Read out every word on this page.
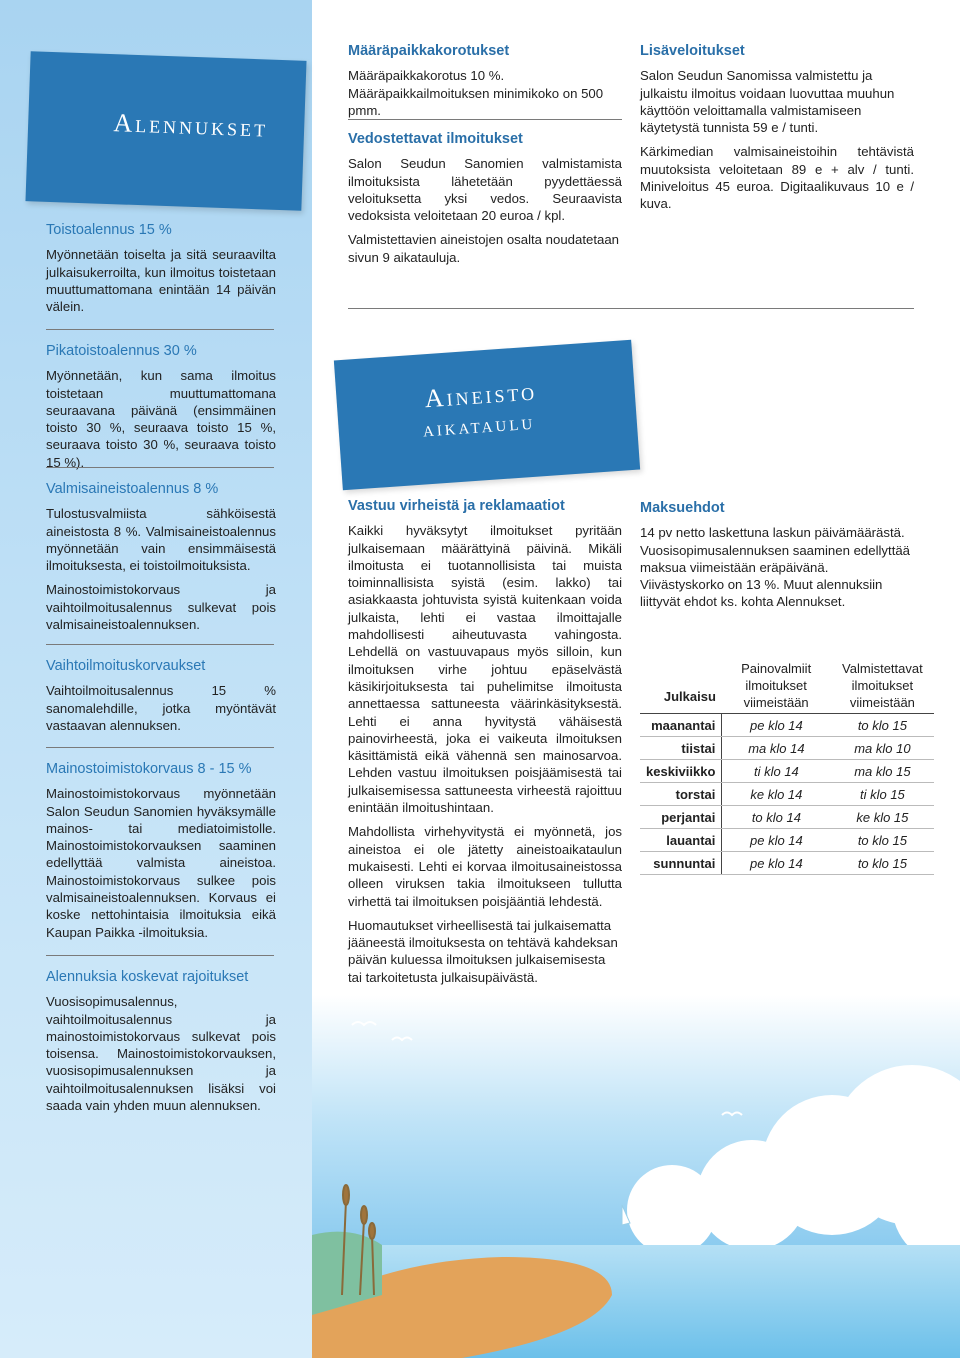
Alennukset
Toistoalennus 15 %

Myönnetään toiselta ja sitä seuraavilta julkaisukerroilta, kun ilmoitus toistetaan muuttumattomana enintään 14 päivän välein.

Pikatoistoalennus 30 %

Myönnetään, kun sama ilmoitus toistetaan muuttumattomana seuraavana päivänä (ensimmäinen toisto 30 %, seuraava toisto 15 %, seuraava toisto 30 %, seuraava toisto 15 %).

Valmisaineistoalennus 8 %

Tulostusvalmiista sähköisestä aineistosta 8 %. Valmisaineistoalennus myönnetään vain ensimmäisestä ilmoituksesta, ei toistoilmoituksista.

Mainostoimistokorvaus ja vaihtoilmoitusalennus sulkevat pois valmisaineistoalennuksen.

Vaihtoilmoituskorvaukset

Vaihtoilmoitusalennus 15 % sanomalehdille, jotka myöntävät vastaavan alennuksen.

Mainostoimistokorvaus 8 - 15 %

Mainostoimistokorvaus myönnetään Salon Seudun Sanomien hyväksymälle mainos- tai mediatoimistolle. Mainostoimistokorvauksen saaminen edellyttää valmista aineistoa. Mainostoimistokorvaus sulkee pois valmisaineistoalennuksen. Korvaus ei koske nettohintaisia ilmoituksia eikä Kaupan Paikka -ilmoituksia.

Alennuksia koskevat rajoitukset

Vuosisopimusalennus, vaihtoilmoitusalennus ja mainostoimistokorvaus sulkevat pois toisensa. Mainostoimistokorvauksen, vuosisopimusalennuksen ja vaihtoilmoitusalennuksen lisäksi voi saada vain yhden muun alennuksen.

Määräpaikkakorotukset

Määräpaikkakorotus 10 %. Määräpaikkailmoituksen minimikoko on 500 pmm.

Vedostettavat ilmoitukset

Salon Seudun Sanomien valmistamista ilmoituksista lähetetään pyydettäessä veloituksetta yksi vedos. Seuraavista vedoksista veloitetaan 20 euroa / kpl.

Valmistettavien aineistojen osalta noudatetaan sivun 9 aikatauluja.

Lisäveloitukset

Salon Seudun Sanomissa valmistettu ja julkaistu ilmoitus voidaan luovuttaa muuhun käyttöön veloittamalla valmistamiseen käytetystä tunnista 59 e / tunti.

Kärkimedian valmisaineistoihin tehtävistä muutoksista veloitetaan 89 e + alv / tunti. Miniveloitus 45 euroa. Digitaalikuvaus 10 e / kuva.

Aineisto
aikataulu
Vastuu virheistä ja reklamaatiot

Kaikki hyväksytyt ilmoitukset pyritään julkaisemaan määrättyinä päivinä. Mikäli ilmoitusta ei tuotannollisista tai muista toiminnallisista syistä (esim. lakko) tai asiakkaasta johtuvista syistä kuitenkaan voida julkaista, lehti ei vastaa ilmoittajalle mahdollisesti aiheutuvasta vahingosta. Lehdellä on vastuuvapaus myös silloin, kun ilmoituksen virhe johtuu epäselvästä käsikirjoituksesta tai puhelimitse ilmoitusta annettaessa sattuneesta väärinkäsityksestä. Lehti ei anna hyvitystä vähäisestä painovirheestä, joka ei vaikeuta ilmoituksen käsittämistä eikä vähennä sen mainosarvoa. Lehden vastuu ilmoituksen poisjäämisestä tai julkaisemisessa sattuneesta virheestä rajoittuu enintään ilmoitushintaan.

Mahdollista virhehyvitystä ei myönnetä, jos aineistoa ei ole jätetty aineistoaikataulun mukaisesti. Lehti ei korvaa ilmoitusaineistossa olleen viruksen takia ilmoitukseen tullutta virhettä tai ilmoituksen poisjääntiä lehdestä.

Huomautukset virheellisestä tai julkaisematta jääneestä ilmoituksesta on tehtävä kahdeksan päivän kuluessa ilmoituksen julkaisemisesta tai tarkoitetusta julkaisupäivästä.

Maksuehdot

14 pv netto laskettuna laskun päivämäärästä. Vuosisopimusalennuksen saaminen edellyttää maksua viimeistään eräpäivänä. Viivästyskorko on 13 %. Muut alennuksiin liittyvät ehdot ks. kohta Alennukset.

Julkaisu	Painovalmiit ilmoitukset viimeistään	Valmistettavat ilmoitukset viimeistään
maanantai	pe klo 14	to klo 15
tiistai	ma klo 14	ma klo 10
keskiviikko	ti klo 14	ma klo 15
torstai	ke klo 14	ti klo 15
perjantai	to klo 14	ke klo 15
lauantai	pe klo 14	to klo 15
sunnuntai	pe klo 14	to klo 15
